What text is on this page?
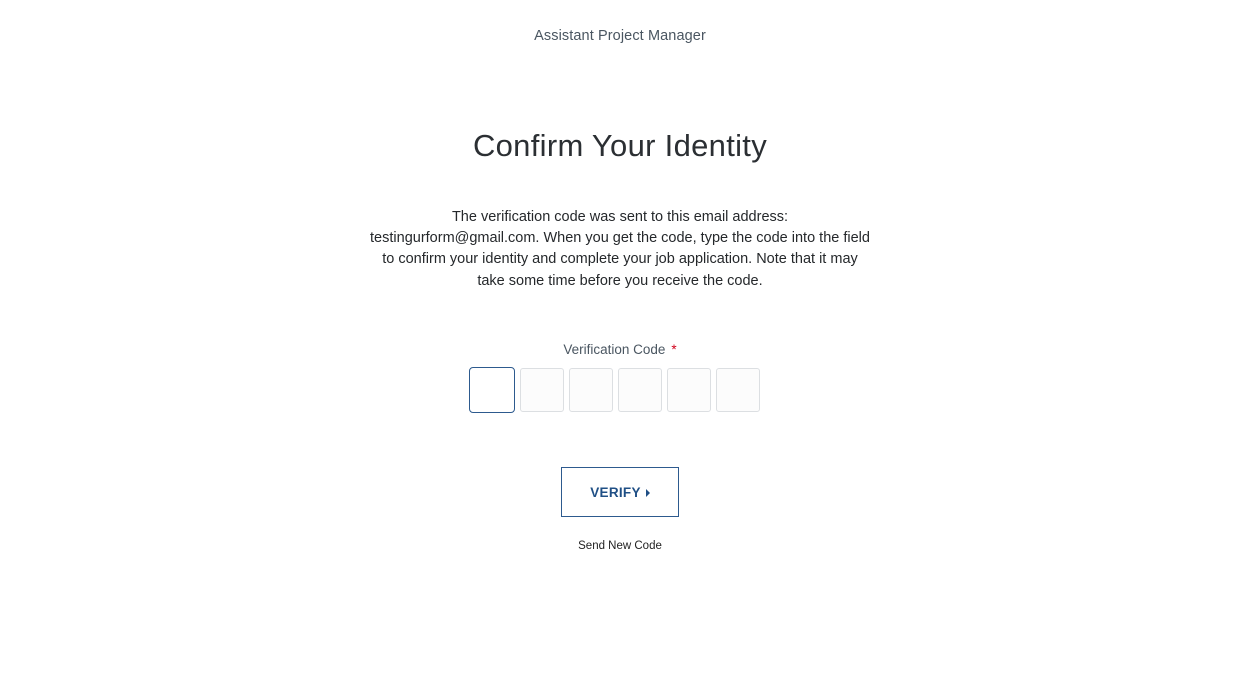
Assistant Project Manager
Confirm Your Identity

The verification code was sent to this email address: testingurform@gmail.com. When you get the code, type the code into the field to confirm your identity and complete your job application. Note that it may take some time before you receive the code.

Verification Code *
VERIFY
Send New Code
